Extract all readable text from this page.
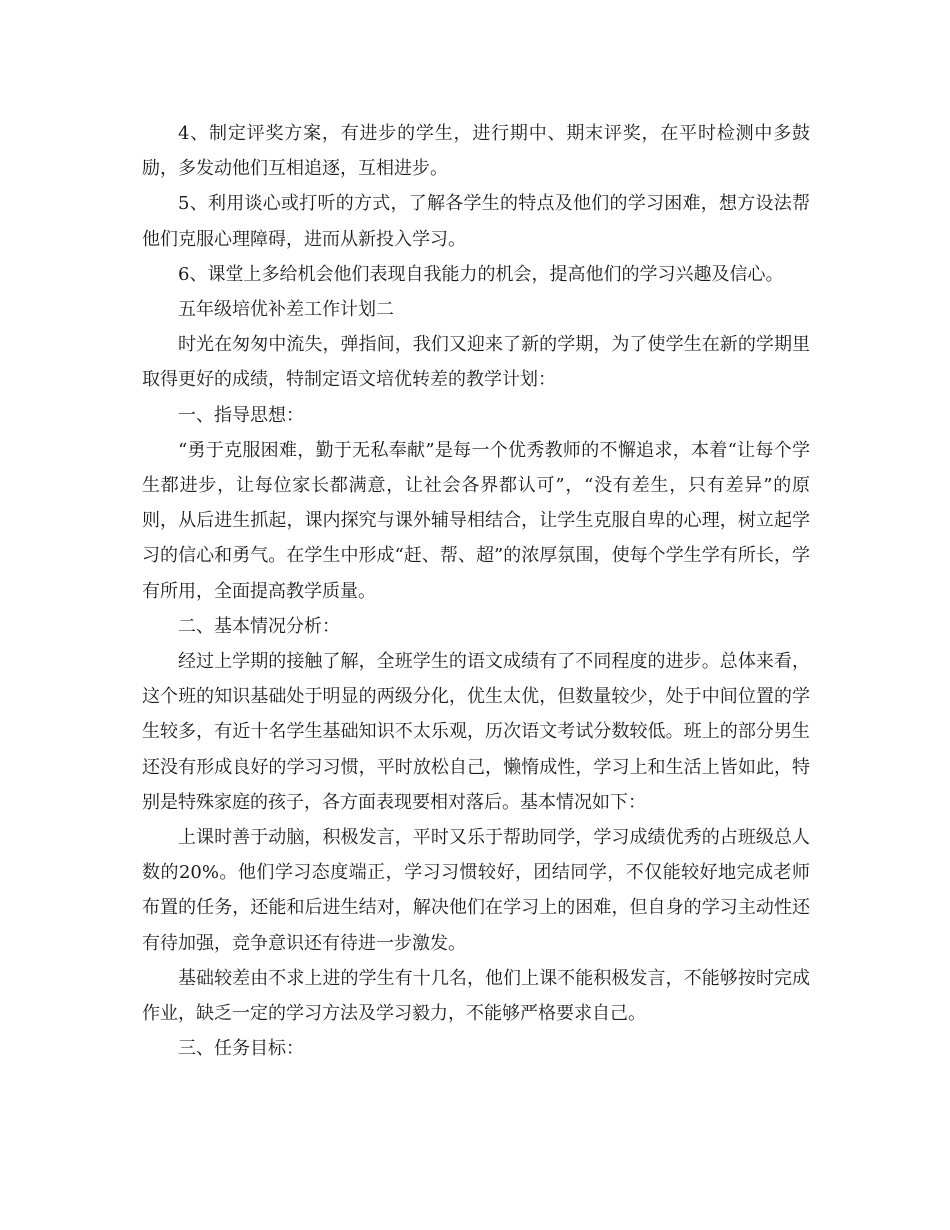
4、制定评奖方案，有进步的学生，进行期中、期末评奖，在平时检测中多鼓励，多发动他们互相追逐，互相进步。

5、利用谈心或打听的方式，了解各学生的特点及他们的学习困难，想方设法帮他们克服心理障碍，进而从新投入学习。

6、课堂上多给机会他们表现自我能力的机会，提高他们的学习兴趣及信心。

五年级培优补差工作计划二

时光在匆匆中流失，弹指间，我们又迎来了新的学期，为了使学生在新的学期里取得更好的成绩，特制定语文培优转差的教学计划：

一、指导思想：

“勇于克服困难，勤于无私奉献”是每一个优秀教师的不懈追求，本着“让每个学生都进步，让每位家长都满意，让社会各界都认可”，“没有差生，只有差异”的原则，从后进生抓起，课内探究与课外辅导相结合，让学生克服自卑的心理，树立起学习的信心和勇气。在学生中形成“赶、帮、超”的浓厚氛围，使每个学生学有所长，学有所用，全面提高教学质量。

二、基本情况分析：

经过上学期的接触了解，全班学生的语文成绩有了不同程度的进步。总体来看，这个班的知识基础处于明显的两级分化，优生太优，但数量较少，处于中间位置的学生较多，有近十名学生基础知识不太乐观，历次语文考试分数较低。班上的部分男生还没有形成良好的学习习惯，平时放松自己，懒惰成性，学习上和生活上皆如此，特别是特殊家庭的孩子，各方面表现要相对落后。基本情况如下：

上课时善于动脑，积极发言，平时又乐于帮助同学，学习成绩优秀的占班级总人数的20%。他们学习态度端正，学习习惯较好，团结同学，不仅能较好地完成老师布置的任务，还能和后进生结对，解决他们在学习上的困难，但自身的学习主动性还有待加强，竞争意识还有待进一步激发。

基础较差由不求上进的学生有十几名，他们上课不能积极发言，不能够按时完成作业，缺乏一定的学习方法及学习毅力，不能够严格要求自己。

三、任务目标：
